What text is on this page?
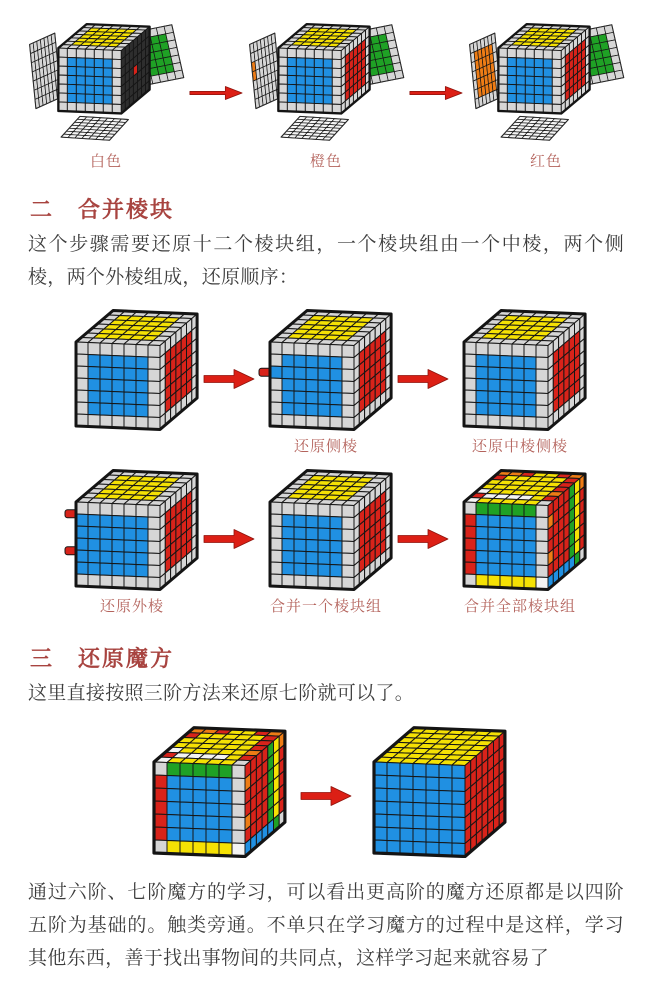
白色	橙色	红色
二　合并棱块

这个步骤需要还原十二个棱块组，一个棱块组由一个中棱，两个侧棱，两个外棱组成，还原顺序：

还原侧棱	还原中棱侧棱
还原外棱	合并一个棱块组	合并全部棱块组
三　还原魔方

这里直接按照三阶方法来还原七阶就可以了。

通过六阶、七阶魔方的学习，可以看出更高阶的魔方还原都是以四阶五阶为基础的。触类旁通。不单只在学习魔方的过程中是这样，学习其他东西，善于找出事物间的共同点，这样学习起来就容易了
